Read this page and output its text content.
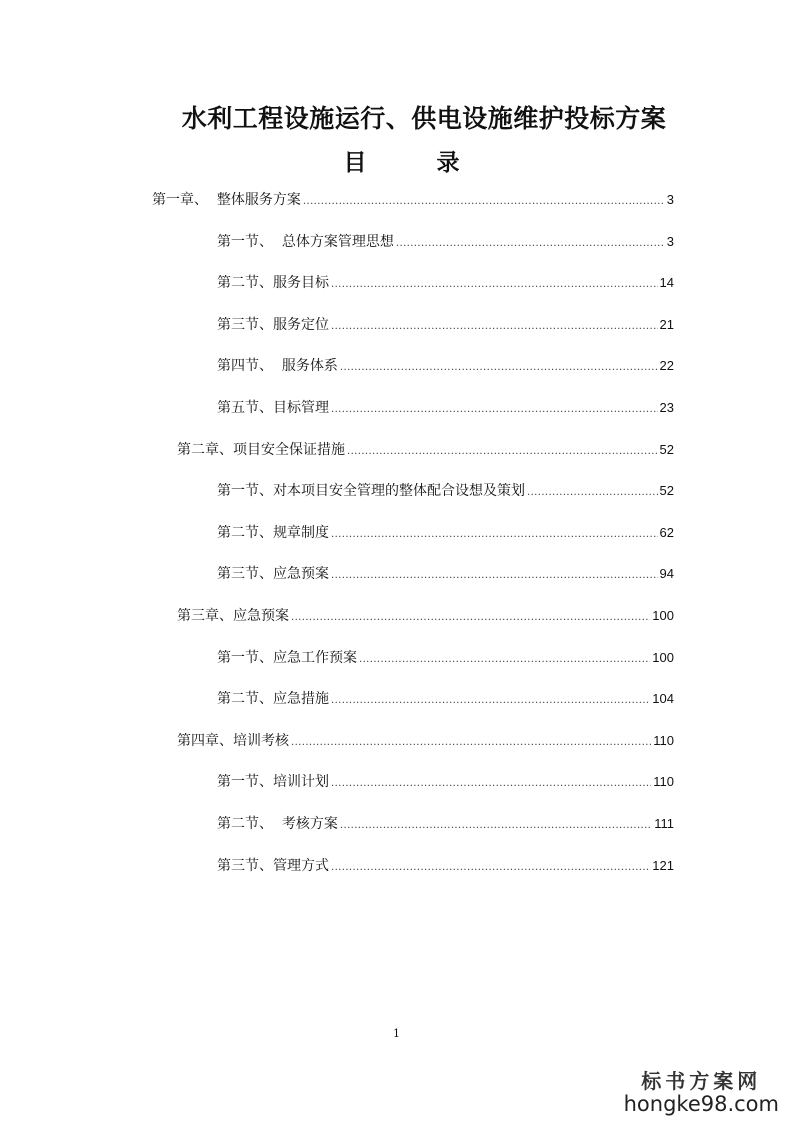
水利工程设施运行、供电设施维护投标方案
目 录
第一章、  整体服务方案 .....	3
第一节、  总体方案管理思想 .....	3
第二节、服务目标 .....	14
第三节、服务定位 .....	21
第四节、  服务体系 .....	22
第五节、目标管理 .....	23
第二章、项目安全保证措施 .....	52
第一节、对本项目安全管理的整体配合设想及策划 .....	52
第二节、规章制度 .....	62
第三节、应急预案 .....	94
第三章、应急预案 .....	100
第一节、应急工作预案 .....	100
第二节、应急措施 .....	104
第四章、培训考核 .....	110
第一节、培训计划 .....	110
第二节、  考核方案 .....	111
第三节、管理方式 .....	121
1
标书方案网
hongke98.com
